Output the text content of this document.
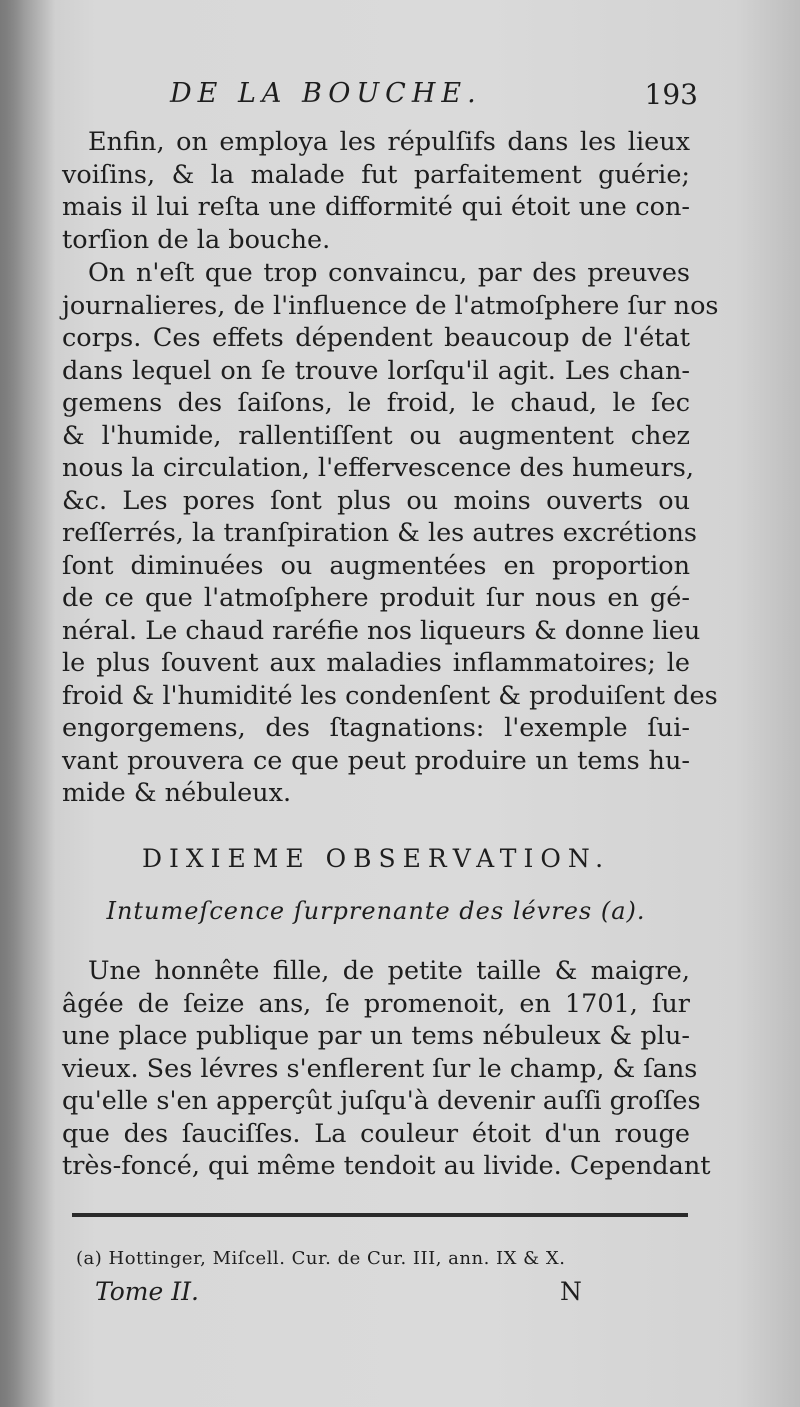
DE LA BOUCHE.	193
Enfin, on employa les répulſifs dans les lieux
voiſins, & la malade fut parfaitement guérie;
mais il lui reſta une difformité qui étoit une con-
torſion de la bouche.
On n'eſt que trop convaincu, par des preuves
journalieres, de l'influence de l'atmoſphere ſur nos
corps. Ces effets dépendent beaucoup de l'état
dans lequel on ſe trouve lorſqu'il agit. Les chan-
gemens des ſaiſons, le froid, le chaud, le ſec
& l'humide, rallentiſſent ou augmentent chez
nous la circulation, l'effervescence des humeurs,
&c. Les pores ſont plus ou moins ouverts ou
reſſerrés, la tranſpiration & les autres excrétions
ſont diminuées ou augmentées en proportion
de ce que l'atmoſphere produit ſur nous en gé-
néral. Le chaud raréfie nos liqueurs & donne lieu
le plus ſouvent aux maladies inflammatoires; le
froid & l'humidité les condenſent & produiſent des
engorgemens, des ſtagnations: l'exemple ſui-
vant prouvera ce que peut produire un tems hu-
mide & nébuleux.
DIXIEME OBSERVATION.
Intumeſcence ſurprenante des lévres (a).
Une honnête fille, de petite taille & maigre,
âgée de ſeize ans, ſe promenoit, en 1701, ſur
une place publique par un tems nébuleux & plu-
vieux. Ses lévres s'enflerent ſur le champ, & ſans
qu'elle s'en apperçût juſqu'à devenir auſſi groſſes
que des ſauciſſes. La couleur étoit d'un rouge
très-foncé, qui même tendoit au livide. Cependant
(a) Hottinger, Miſcell. Cur. de Cur. III, ann. IX & X.
Tome II.	N
